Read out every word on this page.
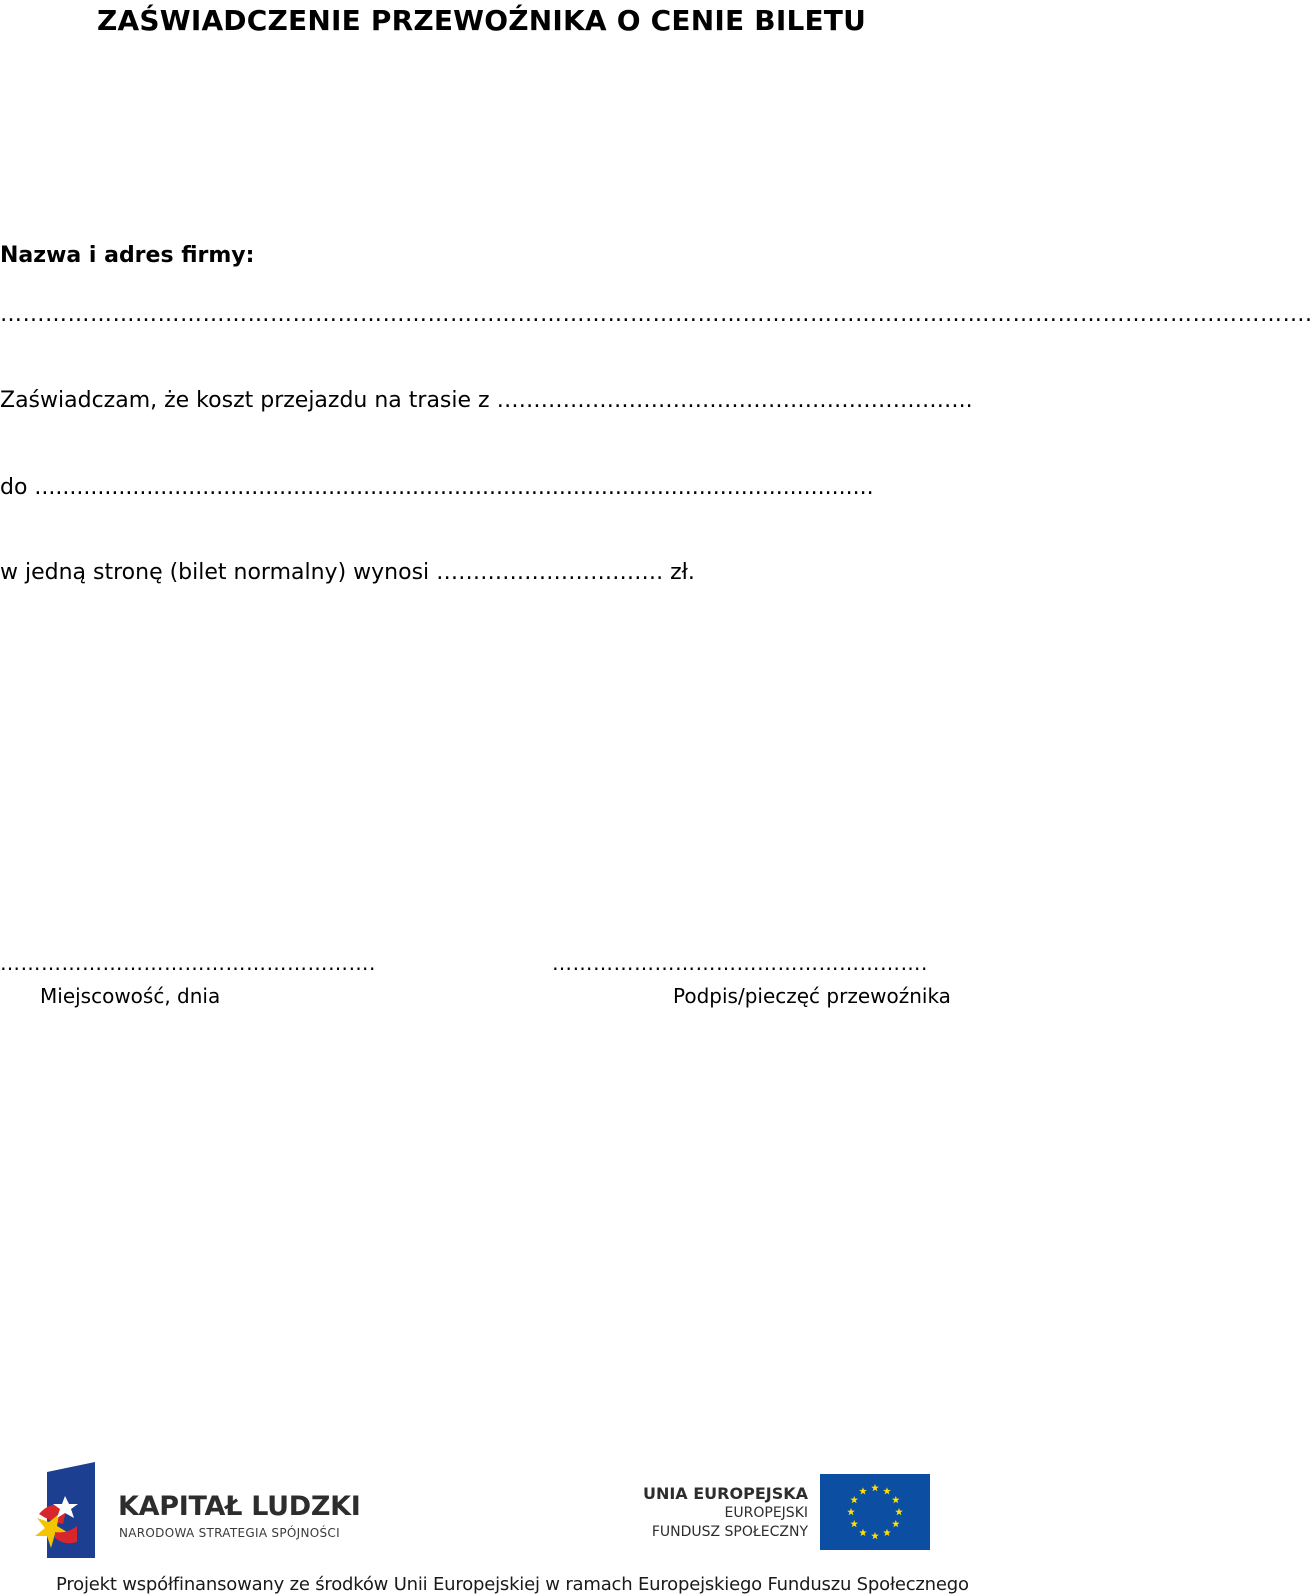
ZAŚWIADCZENIE PRZEWOŹNIKA O CENIE BILETU
Nazwa i adres firmy:
………………………………………………………………………………………………………………………………………………………….
Zaświadczam, że koszt przejazdu na trasie z ………………………………………………………..
do ........................................................................................................................
w jedną stronę (bilet normalny) wynosi …………………………. zł.
……………………………………………….	……………………………………………….
Miejscowość, dnia	Podpis/pieczęć przewoźnika
KAPITAŁ LUDZKI
NARODOWA STRATEGIA SPÓJNOŚCI
UNIA EUROPEJSKA
EUROPEJSKI
FUNDUSZ SPOŁECZNY
Projekt współfinansowany ze środków Unii Europejskiej w ramach Europejskiego Funduszu Społecznego
